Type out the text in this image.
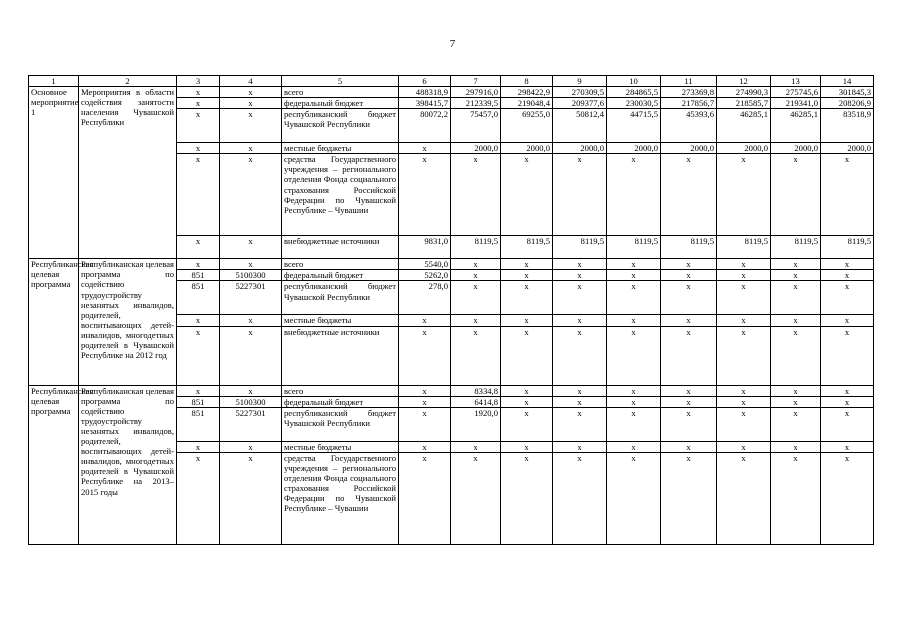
7
1	2	3	4	5	6	7	8	9	10	11	12	13	14
Основное мероприятие 1	Мероприятия в области содействия занятости населения Чувашской Республики	х	х	всего	488318,9	297916,0	298422,9	270309,5	284865,5	273369,8	274990,3	275745,6	301845,3
		х	х	федеральный бюджет	398415,7	212339,5	219048,4	209377,6	230030,5	217856,7	218585,7	219341,0	208206,9
		х	х	республиканский бюджет Чувашской Республики	80072,2	75457,0	69255,0	50812,4	44715,5	45393,6	46285,1	46285,1	83518,9
		х	х	местные бюджеты	х	2000,0	2000,0	2000,0	2000,0	2000,0	2000,0	2000,0	2000,0
		х	х	средства Государственного учреждения – регионального отделения Фонда социального страхования Российской Федерации по Чувашской Республике – Чувашии	х	х	х	х	х	х	х	х	х
		х	х	внебюджетные источники	9831,0	8119,5	8119,5	8119,5	8119,5	8119,5	8119,5	8119,5	8119,5
Республиканская целевая программа	Республиканская целевая программа по содействию трудоустройству незанятых инвалидов, родителей, воспитывающих детей-инвалидов, многодетных родителей в Чувашской Республике на 2012 год	х	х	всего	5540,0	х	х	х	х	х	х	х	х
		851	5100300	федеральный бюджет	5262,0	х	х	х	х	х	х	х	х
		851	5227301	республиканский бюджет Чувашской Республики	278,0	х	х	х	х	х	х	х	х
		х	х	местные бюджеты	х	х	х	х	х	х	х	х	х
		х	х	внебюджетные источники	х	х	х	х	х	х	х	х	х
Республиканская целевая программа	Республиканская целевая программа по содействию трудоустройству незанятых инвалидов, родителей, воспитывающих детей-инвалидов, многодетных родителей в Чувашской Республике на 2013–2015 годы	х	х	всего	х	8334,8	х	х	х	х	х	х	х
		851	5100300	федеральный бюджет	х	6414,8	х	х	х	х	х	х	х
		851	5227301	республиканский бюджет Чувашской Республики	х	1920,0	х	х	х	х	х	х	х
		х	х	местные бюджеты	х	х	х	х	х	х	х	х	х
		х	х	средства Государственного учреждения – регионального отделения Фонда социального страхования Российской Федерации по Чувашской Республике – Чувашии	х	х	х	х	х	х	х	х	х
